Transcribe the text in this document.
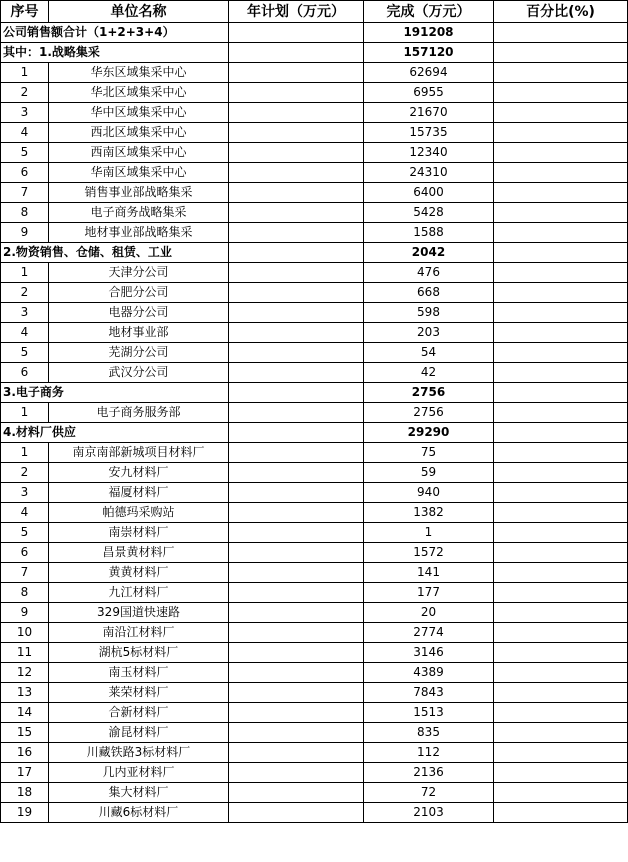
序号	单位名称	年计划（万元）	完成（万元）	百分比(%)
公司销售额合计（1+2+3+4）			191208	
其中：1.战略集采			157120	
1	华东区域集采中心		62694	
2	华北区域集采中心		6955	
3	华中区域集采中心		21670	
4	西北区域集采中心		15735	
5	西南区域集采中心		12340	
6	华南区域集采中心		24310	
7	销售事业部战略集采		6400	
8	电子商务战略集采		5428	
9	地材事业部战略集采		1588	
2.物资销售、仓储、租赁、工业			2042	
1	天津分公司		476	
2	合肥分公司		668	
3	电器分公司		598	
4	地材事业部		203	
5	芜湖分公司		54	
6	武汉分公司		42	
3.电子商务			2756	
1	电子商务服务部		2756	
4.材料厂供应			29290	
1	南京南部新城项目材料厂		75	
2	安九材料厂		59	
3	福厦材料厂		940	
4	帕德玛采购站		1382	
5	南崇材料厂		1	
6	昌景黄材料厂		1572	
7	黄黄材料厂		141	
8	九江材料厂		177	
9	329国道快速路		20	
10	南沿江材料厂		2774	
11	湖杭5标材料厂		3146	
12	南玉材料厂		4389	
13	莱荣材料厂		7843	
14	合新材料厂		1513	
15	渝昆材料厂		835	
16	川藏铁路3标材料厂		112	
17	几内亚材料厂		2136	
18	集大材料厂		72	
19	川藏6标材料厂		2103	
